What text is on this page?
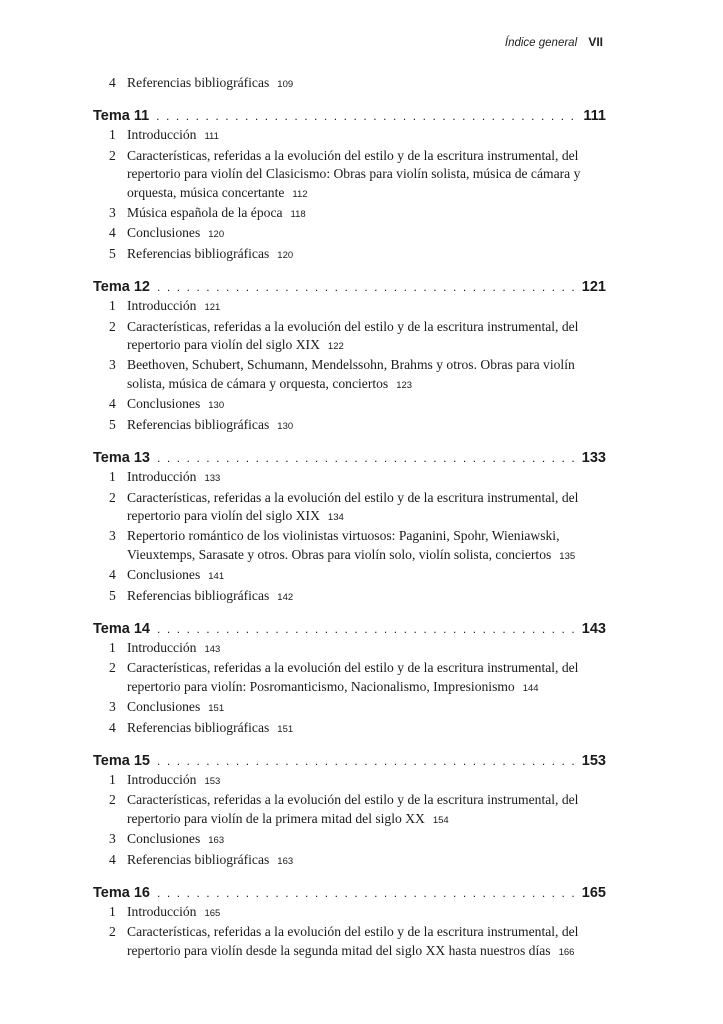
Índice general VII
4 Referencias bibliográficas 109
Tema 11 . . .	111
1 Introducción 111
2 Características, referidas a la evolución del estilo y de la escritura instrumental, del repertorio para violín del Clasicismo: Obras para violín solista, música de cámara y orquesta, música concertante 112
3 Música española de la época 118
4 Conclusiones 120
5 Referencias bibliográficas 120
Tema 12 . . .	121
1 Introducción 121
2 Características, referidas a la evolución del estilo y de la escritura instrumental, del repertorio para violín del siglo XIX 122
3 Beethoven, Schubert, Schumann, Mendelssohn, Brahms y otros. Obras para violín solista, música de cámara y orquesta, conciertos 123
4 Conclusiones 130
5 Referencias bibliográficas 130
Tema 13 . . .	133
1 Introducción 133
2 Características, referidas a la evolución del estilo y de la escritura instrumental, del repertorio para violín del siglo XIX 134
3 Repertorio romántico de los violinistas virtuosos: Paganini, Spohr, Wieniawski, Vieuxtemps, Sarasate y otros. Obras para violín solo, violín solista, conciertos 135
4 Conclusiones 141
5 Referencias bibliográficas 142
Tema 14 . . .	143
1 Introducción 143
2 Características, referidas a la evolución del estilo y de la escritura instrumental, del repertorio para violín: Posromanticismo, Nacionalismo, Impresionismo 144
3 Conclusiones 151
4 Referencias bibliográficas 151
Tema 15 . . .	153
1 Introducción 153
2 Características, referidas a la evolución del estilo y de la escritura instrumental, del repertorio para violín de la primera mitad del siglo XX 154
3 Conclusiones 163
4 Referencias bibliográficas 163
Tema 16 . . .	165
1 Introducción 165
2 Características, referidas a la evolución del estilo y de la escritura instrumental, del repertorio para violín desde la segunda mitad del siglo XX hasta nuestros días 166
